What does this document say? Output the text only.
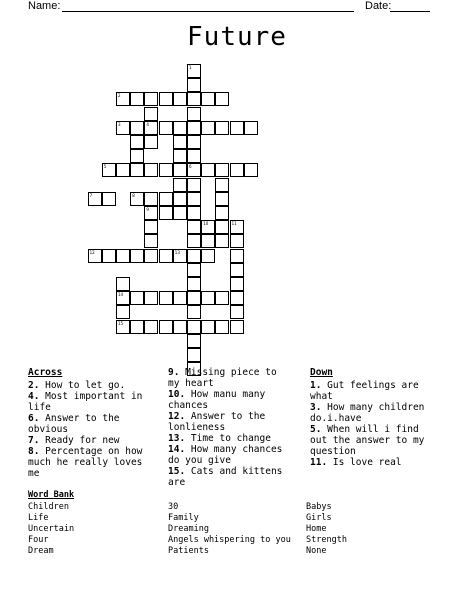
Name:	Date:
Future
1
6
4
9
2
5
7	8
12	13
14
15
10	11
3
Across
2. How to let go.
4. Most important in life
6. Answer to the obvious
7. Ready for new
8. Percentage on how much he really loves me
9. Missing piece to my heart
10. How manu many chances
12. Answer to the lonlieness
13. Time to change
14. How many chances do you give
15. Cats and kittens are
Down
1. Gut feelings are what
3. How many children do.i.have
5. When will i find out the answer to my question
11. Is love real
Word Bank
Children
Life
Uncertain
Four
Dream
30
Family
Dreaming
Angels whispering to you
Patients
Babys
Girls
Home
Strength
None
